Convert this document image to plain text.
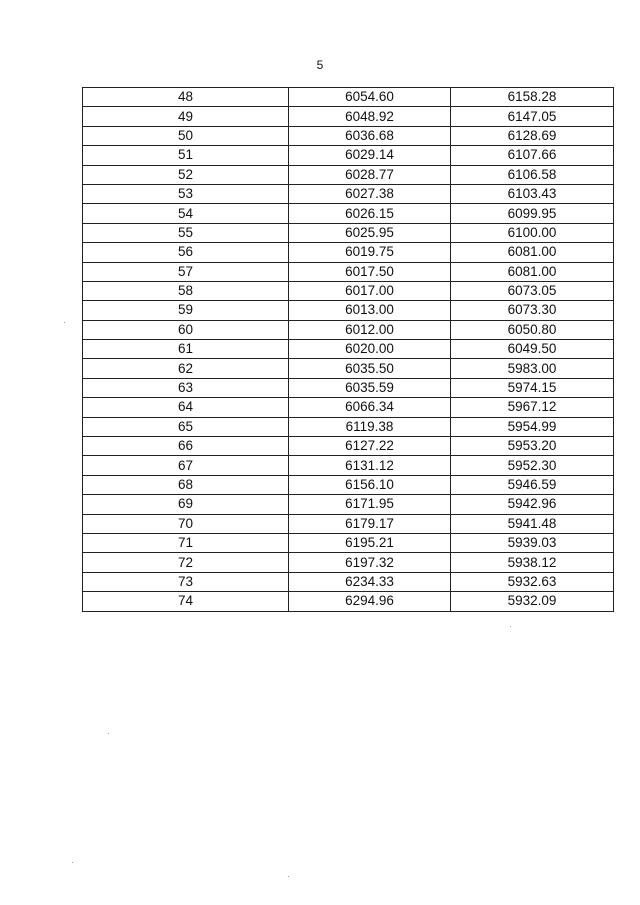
5
48	6054.60	6158.28
49	6048.92	6147.05
50	6036.68	6128.69
51	6029.14	6107.66
52	6028.77	6106.58
53	6027.38	6103.43
54	6026.15	6099.95
55	6025.95	6100.00
56	6019.75	6081.00
57	6017.50	6081.00
58	6017.00	6073.05
59	6013.00	6073.30
60	6012.00	6050.80
61	6020.00	6049.50
62	6035.50	5983.00
63	6035.59	5974.15
64	6066.34	5967.12
65	6119.38	5954.99
66	6127.22	5953.20
67	6131.12	5952.30
68	6156.10	5946.59
69	6171.95	5942.96
70	6179.17	5941.48
71	6195.21	5939.03
72	6197.32	5938.12
73	6234.33	5932.63
74	6294.96	5932.09
